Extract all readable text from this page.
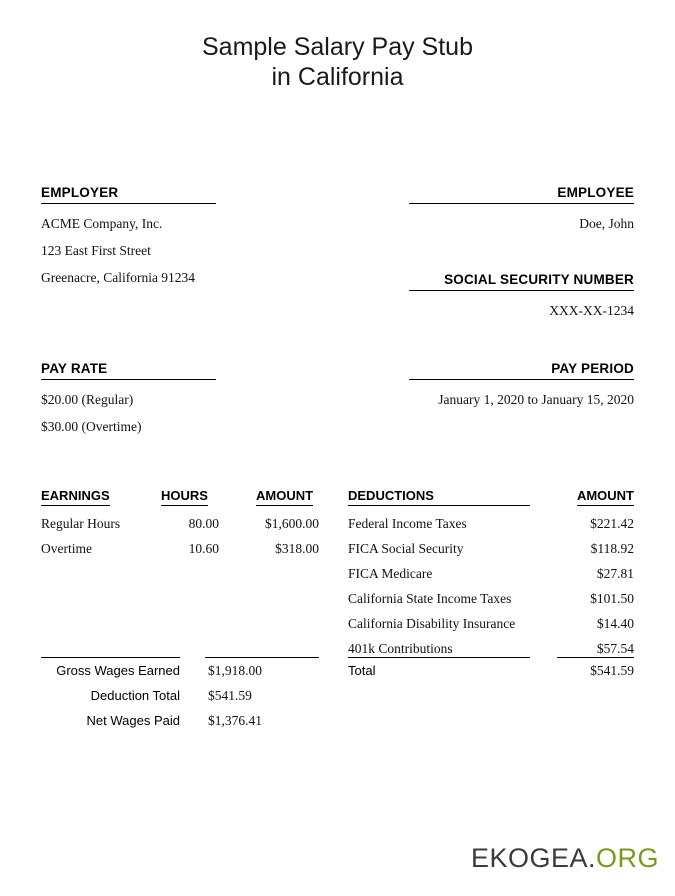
Sample Salary Pay Stub
in California
EMPLOYER
ACME Company, Inc.
123 East First Street
Greenacre, California 91234
EMPLOYEE
Doe, John
SOCIAL SECURITY NUMBER
XXX-XX-1234
PAY RATE
$20.00 (Regular)
$30.00 (Overtime)
PAY PERIOD
January 1, 2020 to January 15, 2020
EARNINGS	HOURS	AMOUNT
Regular Hours	80.00	$1,600.00
Overtime	10.60	$318.00
Gross Wages Earned $1,918.00
Deduction Total $541.59
Net Wages Paid $1,376.41
DEDUCTIONS	AMOUNT
Federal Income Taxes	$221.42
FICA Social Security	$118.92
FICA Medicare	$27.81
California State Income Taxes	$101.50
California Disability Insurance	$14.40
401k Contributions	$57.54
Total	$541.59
EKOGEA.ORG
